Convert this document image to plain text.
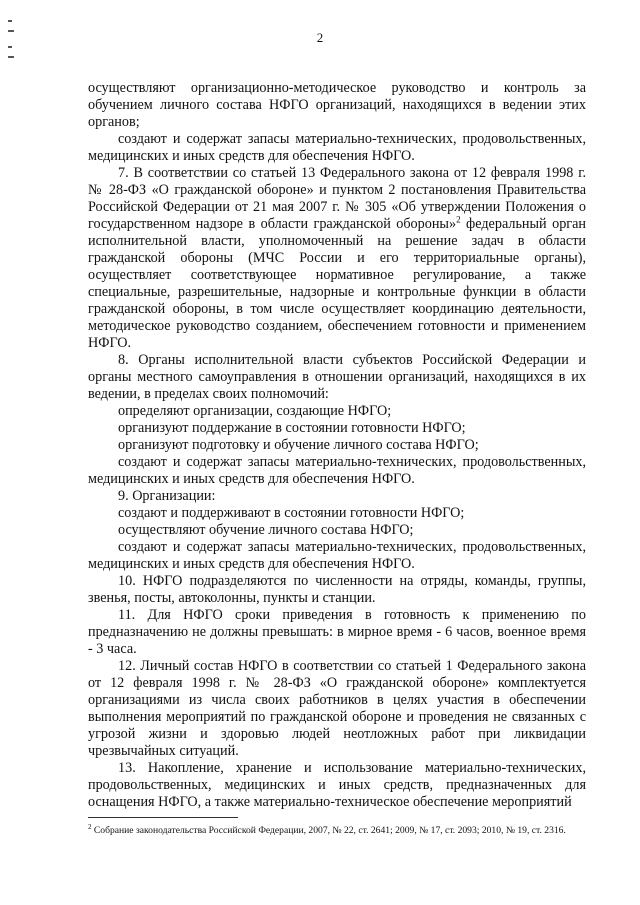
2

осуществляют организационно-методическое руководство и контроль за обучением личного состава НФГО организаций, находящихся в ведении этих органов;

создают и содержат запасы материально-технических, продовольственных, медицинских и иных средств для обеспечения НФГО.

7. В соответствии со статьей 13 Федерального закона от 12 февраля 1998 г. № 28-ФЗ «О гражданской обороне» и пунктом 2 постановления Правительства Российской Федерации от 21 мая 2007 г. № 305 «Об утверждении Положения о государственном надзоре в области гражданской обороны»$^2$ федеральный орган исполнительной власти, уполномоченный на решение задач в области гражданской обороны (МЧС России и его территориальные органы), осуществляет соответствующее нормативное регулирование, а также специальные, разрешительные, надзорные и контрольные функции в области гражданской обороны, в том числе осуществляет координацию деятельности, методическое руководство созданием, обеспечением готовности и применением НФГО.

8. Органы исполнительной власти субъектов Российской Федерации и органы местного самоуправления в отношении организаций, находящихся в их ведении, в пределах своих полномочий:

определяют организации, создающие НФГО;

организуют поддержание в состоянии готовности НФГО;

организуют подготовку и обучение личного состава НФГО;

создают и содержат запасы материально-технических, продовольственных, медицинских и иных средств для обеспечения НФГО.

9. Организации:

создают и поддерживают в состоянии готовности НФГО;

осуществляют обучение личного состава НФГО;

создают и содержат запасы материально-технических, продовольственных, медицинских и иных средств для обеспечения НФГО.

10. НФГО подразделяются по численности на отряды, команды, группы, звенья, посты, автоколонны, пункты и станции.

11. Для НФГО сроки приведения в готовность к применению по предназначению не должны превышать: в мирное время - 6 часов, военное время - 3 часа.

12. Личный состав НФГО в соответствии со статьей 1 Федерального закона от 12 февраля 1998 г. № 28-ФЗ «О гражданской обороне» комплектуется организациями из числа своих работников в целях участия в обеспечении выполнения мероприятий по гражданской обороне и проведения не связанных с угрозой жизни и здоровью людей неотложных работ при ликвидации чрезвычайных ситуаций.

13. Накопление, хранение и использование материально-технических, продовольственных, медицинских и иных средств, предназначенных для оснащения НФГО, а также материально-техническое обеспечение мероприятий

$^2$ Собрание законодательства Российской Федерации, 2007, № 22, ст. 2641; 2009, № 17, ст. 2093; 2010, № 19, ст. 2316.
